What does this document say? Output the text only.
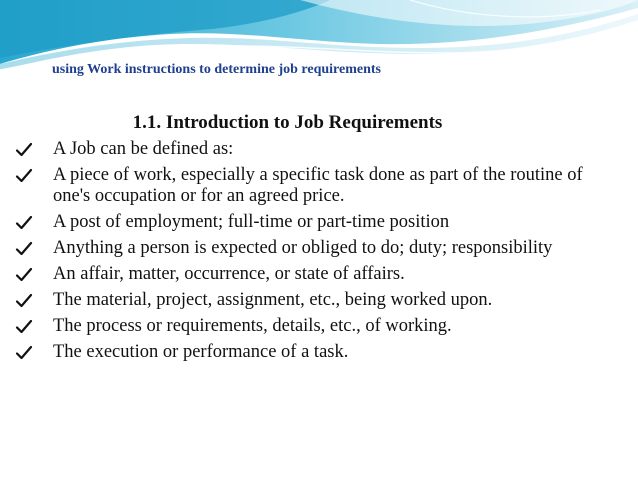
using Work instructions to determine job requirements
1.1. Introduction to Job Requirements
A Job can be defined as:
A piece of work, especially a specific task done as part of the routine of one's occupation or for an agreed price.
A post of employment; full-time or part-time position
Anything a person is expected or obliged to do; duty; responsibility
An affair, matter, occurrence, or state of affairs.
The material, project, assignment, etc., being worked upon.
The process or requirements, details, etc., of working.
The execution or performance of a task.
